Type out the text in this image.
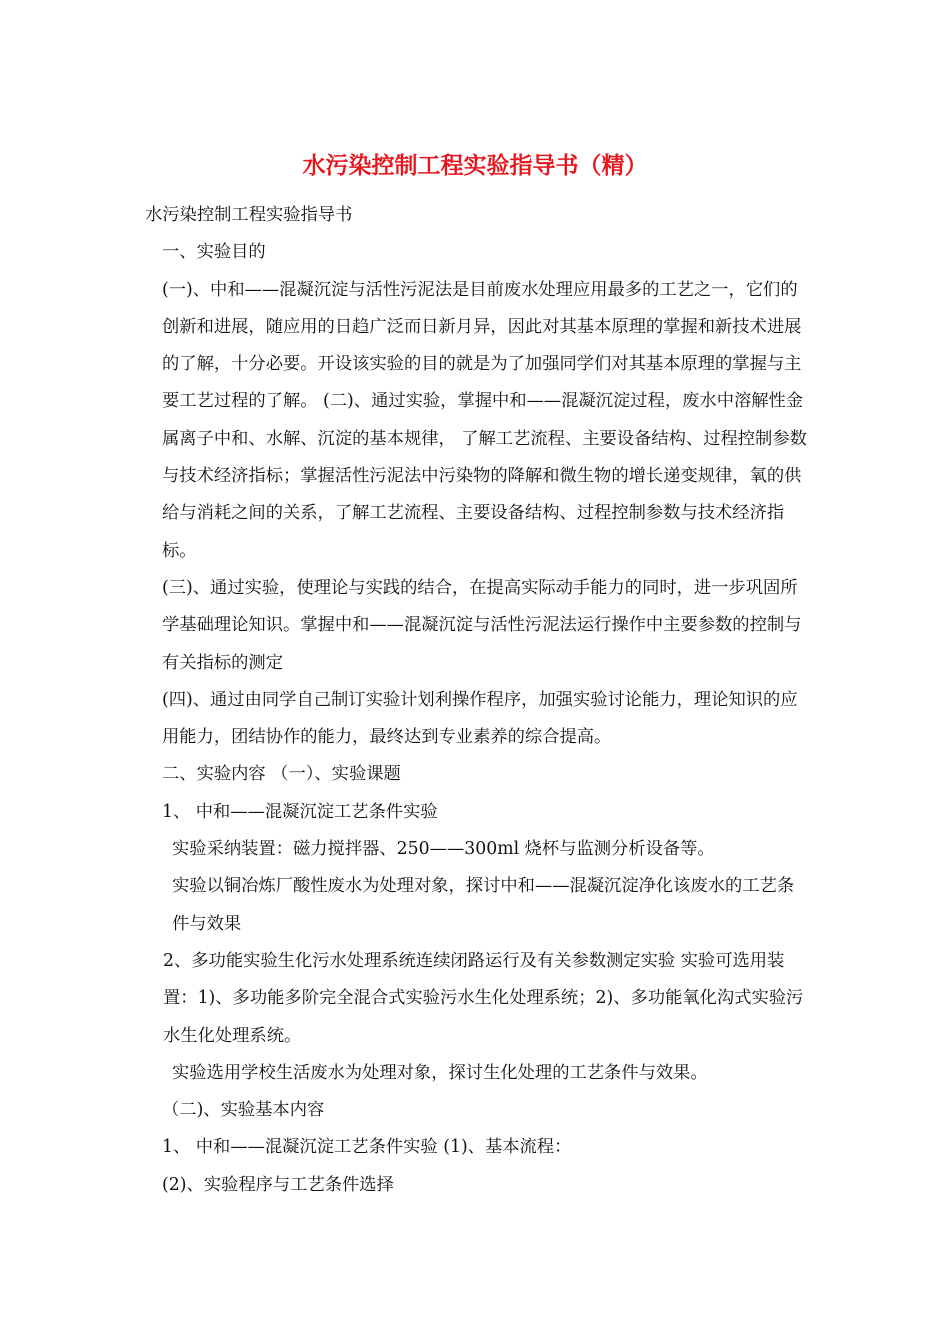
水污染控制工程实验指导书（精）

水污染控制工程实验指导书

一、实验目的

(一)、中和——混凝沉淀与活性污泥法是目前废水处理应用最多的工艺之一，它们的创新和进展，随应用的日趋广泛而日新月异，因此对其基本原理的掌握和新技术进展的了解，十分必要。开设该实验的目的就是为了加强同学们对其基本原理的掌握与主要工艺过程的了解。 (二)、通过实验，掌握中和——混凝沉淀过程，废水中溶解性金属离子中和、水解、沉淀的基本规律， 了解工艺流程、主要设备结构、过程控制参数与技术经济指标；掌握活性污泥法中污染物的降解和微生物的增长递变规律，氧的供给与消耗之间的关系，了解工艺流程、主要设备结构、过程控制参数与技术经济指标。

(三)、通过实验，使理论与实践的结合，在提高实际动手能力的同时，进一步巩固所学基础理论知识。掌握中和——混凝沉淀与活性污泥法运行操作中主要参数的控制与有关指标的测定

(四)、通过由同学自己制订实验计划利操作程序，加强实验讨论能力，理论知识的应用能力，团结协作的能力，最终达到专业素养的综合提高。

二、实验内容 （一）、实验课题

1、 中和——混凝沉淀工艺条件实验

实验采纳装置：磁力搅拌器、250——300ml 烧杯与监测分析设备等。

实验以铜冶炼厂酸性废水为处理对象，探讨中和——混凝沉淀净化该废水的工艺条件与效果

2、多功能实验生化污水处理系统连续闭路运行及有关参数测定实验 实验可选用装置：1)、多功能多阶完全混合式实验污水生化处理系统；2)、多功能氧化沟式实验污水生化处理系统。

实验选用学校生活废水为处理对象，探讨生化处理的工艺条件与效果。

（二)、实验基本内容

1、 中和——混凝沉淀工艺条件实验 (1)、基本流程：

(2)、实验程序与工艺条件选择
